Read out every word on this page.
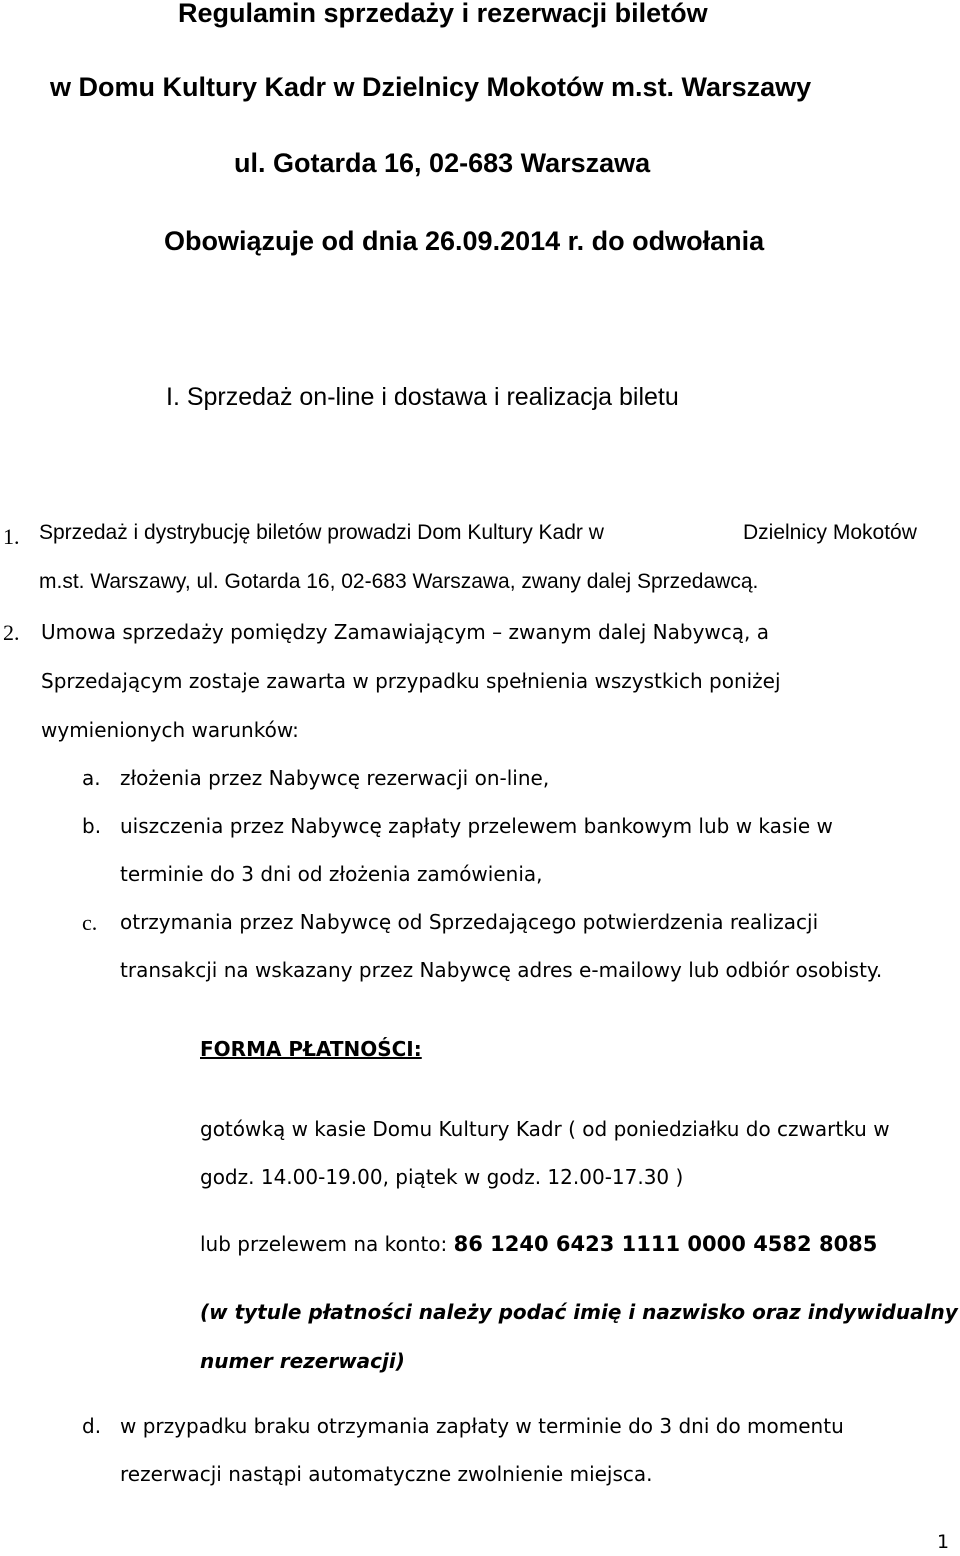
Regulamin sprzedaży i rezerwacji biletów
w Domu Kultury Kadr w Dzielnicy Mokotów m.st. Warszawy
ul. Gotarda 16, 02-683 Warszawa
Obowiązuje od dnia 26.09.2014 r. do odwołania
I. Sprzedaż on-line i dostawa i realizacja biletu
1. Sprzedaż i dystrybucję biletów prowadzi Dom Kultury Kadr w	Dzielnicy Mokotów
m.st. Warszawy, ul. Gotarda 16, 02-683 Warszawa, zwany dalej Sprzedawcą.
2. Umowa sprzedaży pomiędzy Zamawiającym – zwanym dalej Nabywcą, a
Sprzedającym zostaje zawarta w przypadku spełnienia wszystkich poniżej
wymienionych warunków:
a. złożenia przez Nabywcę rezerwacji on-line,
b. uiszczenia przez Nabywcę zapłaty przelewem bankowym lub w kasie w
terminie do 3 dni od złożenia zamówienia,
c. otrzymania przez Nabywcę od Sprzedającego potwierdzenia realizacji
transakcji na wskazany przez Nabywcę adres e-mailowy lub odbiór osobisty.
FORMA PŁATNOŚCI:
gotówką w kasie Domu Kultury Kadr ( od poniedziałku do czwartku w
godz. 14.00-19.00, piątek w godz. 12.00-17.30 )
lub przelewem na konto: 86 1240 6423 1111 0000 4582 8085
(w tytule płatności należy podać imię i nazwisko oraz indywidualny
numer rezerwacji)
d. w przypadku braku otrzymania zapłaty w terminie do 3 dni do momentu
rezerwacji nastąpi automatyczne zwolnienie miejsca.
1
